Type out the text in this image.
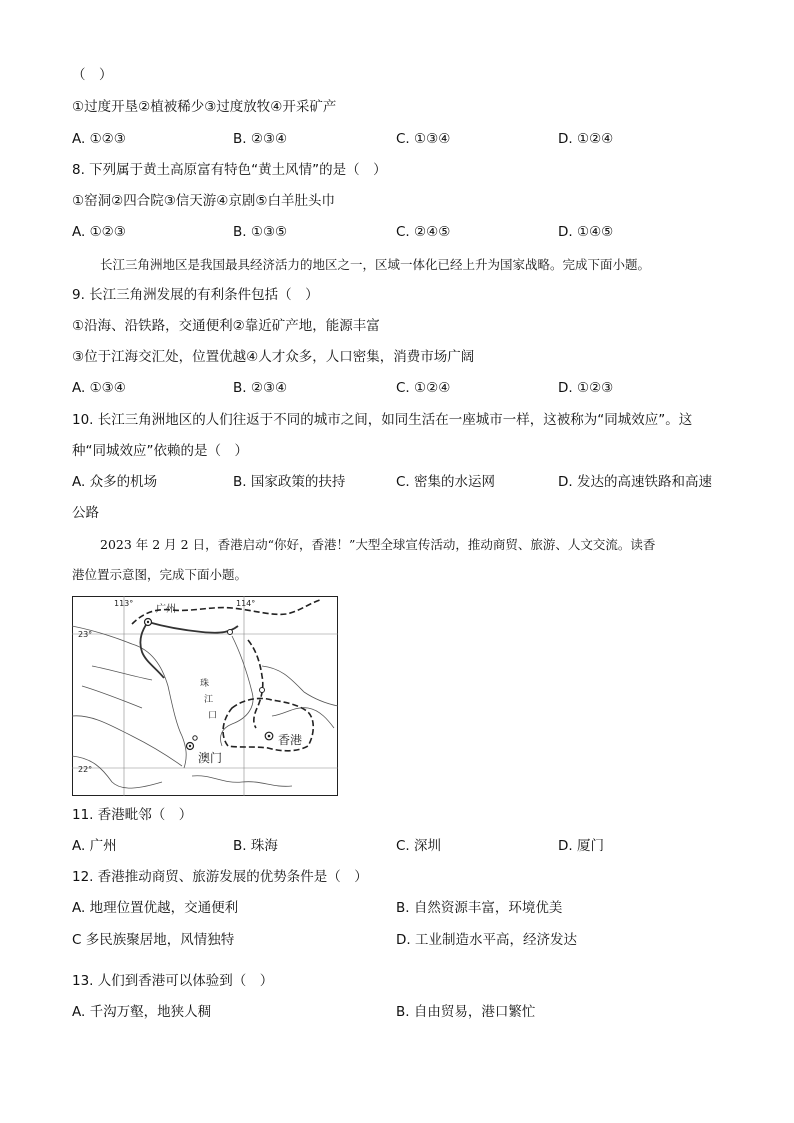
（　）
①过度开垦②植被稀少③过度放牧④开采矿产
A. ①②③	B. ②③④	C. ①③④	D. ①②④
8. 下列属于黄土高原富有特色“黄土风情”的是（　）
①窑洞②四合院③信天游④京剧⑤白羊肚头巾
A. ①②③	B. ①③⑤	C. ②④⑤	D. ①④⑤
长江三角洲地区是我国最具经济活力的地区之一，区域一体化已经上升为国家战略。完成下面小题。
9. 长江三角洲发展的有利条件包括（　）
①沿海、沿铁路，交通便利②靠近矿产地，能源丰富
③位于江海交汇处，位置优越④人才众多，人口密集，消费市场广阔
A. ①③④	B. ②③④	C. ①②④	D. ①②③
10. 长江三角洲地区的人们往返于不同的城市之间，如同生活在一座城市一样，这被称为“同城效应”。这
种“同城效应”依赖的是（　）
A. 众多的机场	B. 国家政策的扶持	C. 密集的水运网	D. 发达的高速铁路和高速
公路
2023 年 2 月 2 日，香港启动“你好，香港！”大型全球宣传活动，推动商贸、旅游、人文交流。读香
港位置示意图，完成下面小题。
113°	114°
23°
22°
广州
澳门
香港
珠
江
口
11. 香港毗邻（　）
A. 广州	B. 珠海	C. 深圳	D. 厦门
12. 香港推动商贸、旅游发展的优势条件是（　）
A. 地理位置优越，交通便利	B. 自然资源丰富，环境优美
C 多民族聚居地，风情独特	D. 工业制造水平高，经济发达
13. 人们到香港可以体验到（　）
A. 千沟万壑，地狭人稠	B. 自由贸易，港口繁忙
